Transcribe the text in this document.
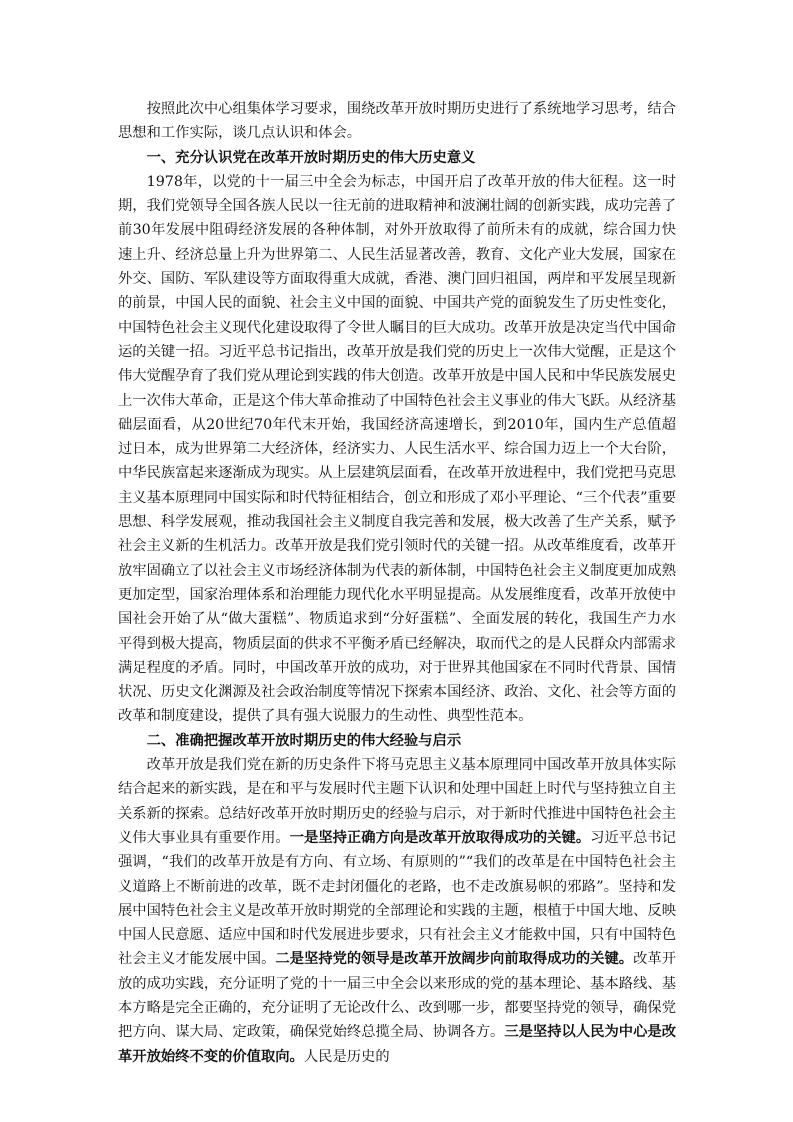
按照此次中心组集体学习要求，围绕改革开放时期历史进行了系统地学习思考，结合思想和工作实际，谈几点认识和体会。

一、充分认识党在改革开放时期历史的伟大历史意义

1978年，以党的十一届三中全会为标志，中国开启了改革开放的伟大征程。这一时期，我们党领导全国各族人民以一往无前的进取精神和波澜壮阔的创新实践，成功完善了前30年发展中阻碍经济发展的各种体制，对外开放取得了前所未有的成就，综合国力快速上升、经济总量上升为世界第二、人民生活显著改善，教育、文化产业大发展，国家在外交、国防、军队建设等方面取得重大成就，香港、澳门回归祖国，两岸和平发展呈现新的前景，中国人民的面貌、社会主义中国的面貌、中国共产党的面貌发生了历史性变化，中国特色社会主义现代化建设取得了令世人瞩目的巨大成功。改革开放是决定当代中国命运的关键一招。习近平总书记指出，改革开放是我们党的历史上一次伟大觉醒，正是这个伟大觉醒孕育了我们党从理论到实践的伟大创造。改革开放是中国人民和中华民族发展史上一次伟大革命，正是这个伟大革命推动了中国特色社会主义事业的伟大飞跃。从经济基础层面看，从20世纪70年代末开始，我国经济高速增长，到2010年，国内生产总值超过日本，成为世界第二大经济体，经济实力、人民生活水平、综合国力迈上一个大台阶，中华民族富起来逐渐成为现实。从上层建筑层面看，在改革开放进程中，我们党把马克思主义基本原理同中国实际和时代特征相结合，创立和形成了邓小平理论、“三个代表”重要思想、科学发展观，推动我国社会主义制度自我完善和发展，极大改善了生产关系，赋予社会主义新的生机活力。改革开放是我们党引领时代的关键一招。从改革维度看，改革开放牢固确立了以社会主义市场经济体制为代表的新体制，中国特色社会主义制度更加成熟更加定型，国家治理体系和治理能力现代化水平明显提高。从发展维度看，改革开放使中国社会开始了从“做大蛋糕”、物质追求到“分好蛋糕”、全面发展的转化，我国生产力水平得到极大提高，物质层面的供求不平衡矛盾已经解决，取而代之的是人民群众内部需求满足程度的矛盾。同时，中国改革开放的成功，对于世界其他国家在不同时代背景、国情状况、历史文化渊源及社会政治制度等情况下探索本国经济、政治、文化、社会等方面的改革和制度建设，提供了具有强大说服力的生动性、典型性范本。

二、准确把握改革开放时期历史的伟大经验与启示

改革开放是我们党在新的历史条件下将马克思主义基本原理同中国改革开放具体实际结合起来的新实践，是在和平与发展时代主题下认识和处理中国赶上时代与坚持独立自主关系新的探索。总结好改革开放时期历史的经验与启示，对于新时代推进中国特色社会主义伟大事业具有重要作用。一是坚持正确方向是改革开放取得成功的关键。习近平总书记强调，“我们的改革开放是有方向、有立场、有原则的”“我们的改革是在中国特色社会主义道路上不断前进的改革，既不走封闭僵化的老路，也不走改旗易帜的邪路”。坚持和发展中国特色社会主义是改革开放时期党的全部理论和实践的主题，根植于中国大地、反映中国人民意愿、适应中国和时代发展进步要求，只有社会主义才能救中国，只有中国特色社会主义才能发展中国。二是坚持党的领导是改革开放阔步向前取得成功的关键。改革开放的成功实践，充分证明了党的十一届三中全会以来形成的党的基本理论、基本路线、基本方略是完全正确的，充分证明了无论改什么、改到哪一步，都要坚持党的领导，确保党把方向、谋大局、定政策，确保党始终总揽全局、协调各方。三是坚持以人民为中心是改革开放始终不变的价值取向。人民是历史的
